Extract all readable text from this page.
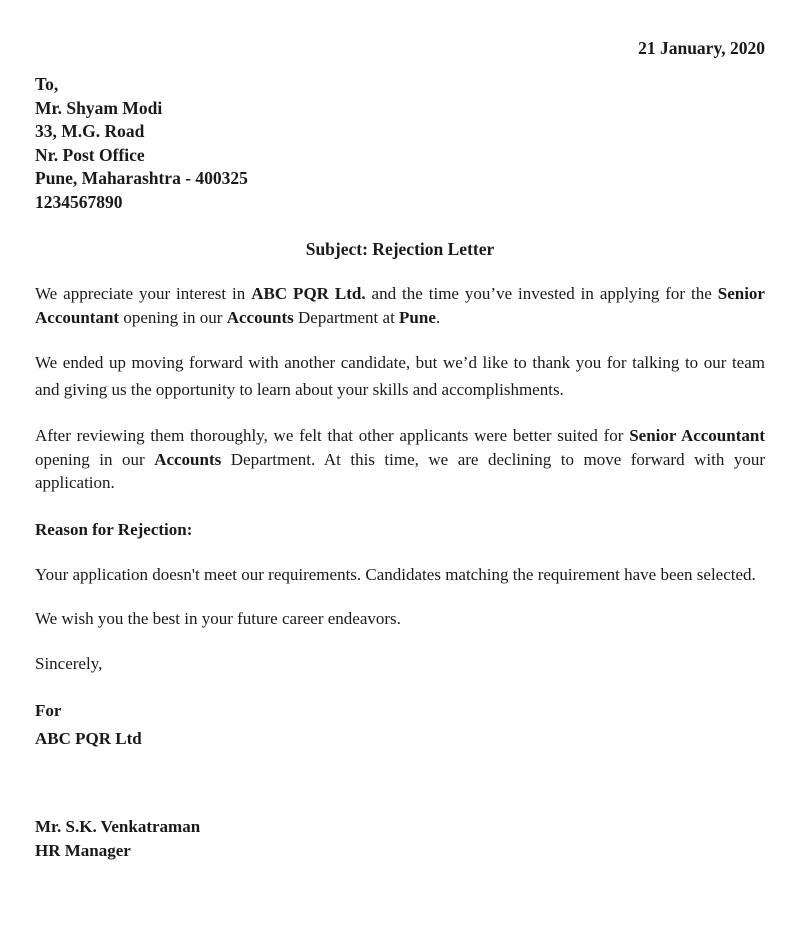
21 January, 2020
To,
Mr. Shyam Modi
33, M.G. Road
Nr. Post Office
Pune, Maharashtra - 400325
1234567890
Subject: Rejection Letter

We appreciate your interest in ABC PQR Ltd. and the time you’ve invested in applying for the Senior Accountant opening in our Accounts Department at Pune.

We ended up moving forward with another candidate, but we’d like to thank you for talking to our team and giving us the opportunity to learn about your skills and accomplishments.

After reviewing them thoroughly, we felt that other applicants were better suited for Senior Accountant opening in our Accounts Department. At this time, we are declining to move forward with your application.

Reason for Rejection:

Your application doesn't meet our requirements. Candidates matching the requirement have been selected.

We wish you the best in your future career endeavors.

Sincerely,
For
ABC PQR Ltd
Mr. S.K. Venkatraman
HR Manager
